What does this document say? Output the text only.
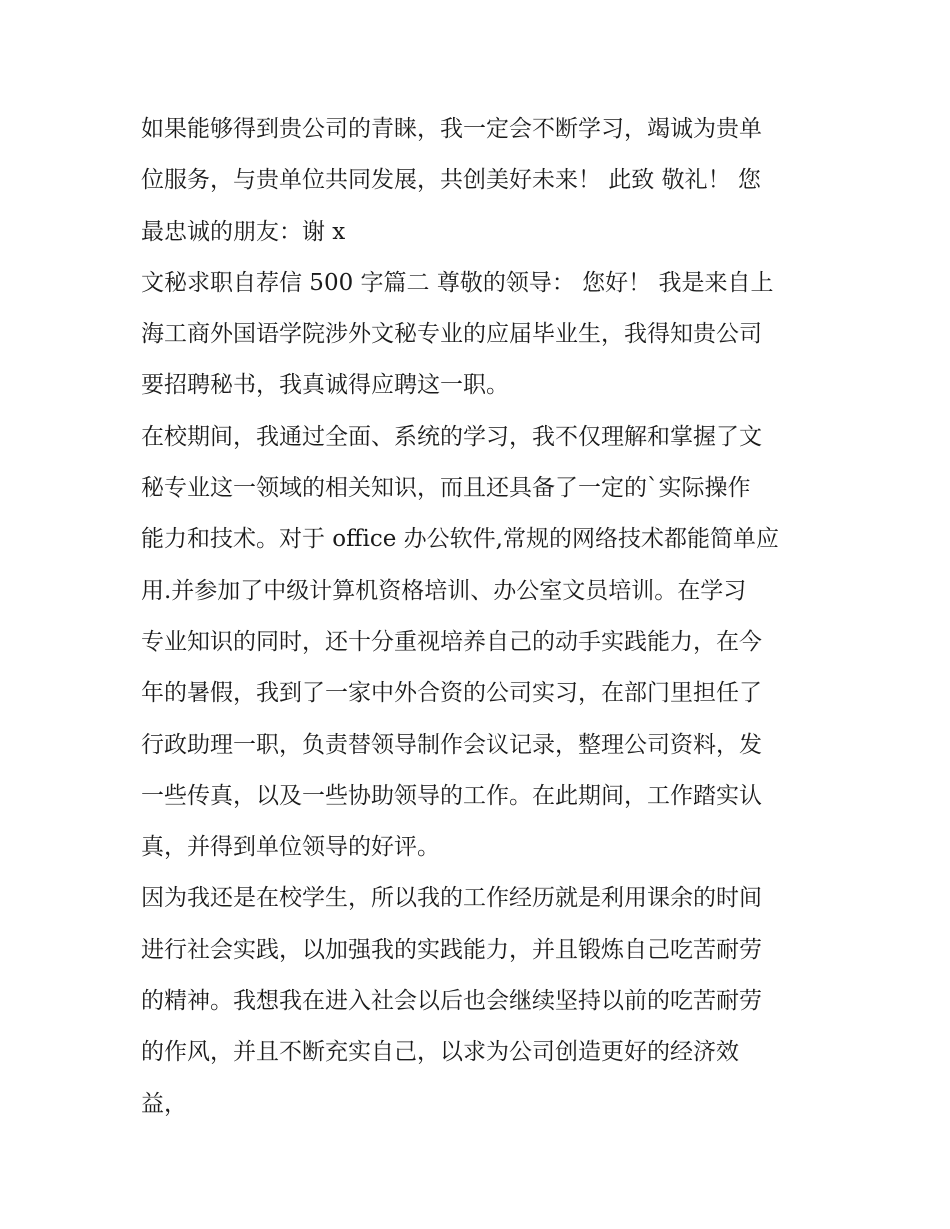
如果能够得到贵公司的青睐，我一定会不断学习，竭诚为贵单
位服务，与贵单位共同发展，共创美好未来！ 此致 敬礼！ 您
最忠诚的朋友：谢 x
文秘求职自荐信 500 字篇二 尊敬的领导： 您好！ 我是来自上
海工商外国语学院涉外文秘专业的应届毕业生，我得知贵公司
要招聘秘书，我真诚得应聘这一职。
在校期间，我通过全面、系统的学习，我不仅理解和掌握了文
秘专业这一领域的相关知识，而且还具备了一定的`实际操作
能力和技术。对于 office 办公软件,常规的网络技术都能简单应
用.并参加了中级计算机资格培训、办公室文员培训。在学习
专业知识的同时，还十分重视培养自己的动手实践能力，在今
年的暑假，我到了一家中外合资的公司实习，在部门里担任了
行政助理一职，负责替领导制作会议记录，整理公司资料，发
一些传真，以及一些协助领导的工作。在此期间，工作踏实认
真，并得到单位领导的好评。
因为我还是在校学生，所以我的工作经历就是利用课余的时间
进行社会实践，以加强我的实践能力，并且锻炼自己吃苦耐劳
的精神。我想我在进入社会以后也会继续坚持以前的吃苦耐劳
的作风，并且不断充实自己，以求为公司创造更好的经济效
益，
